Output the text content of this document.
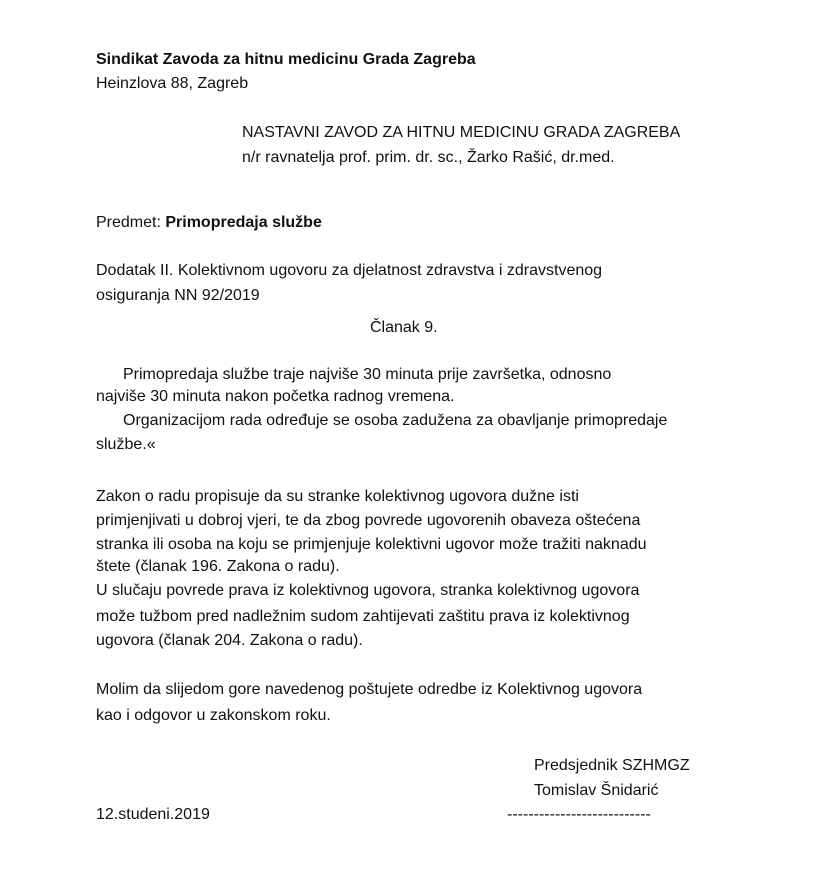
Sindikat Zavoda za hitnu medicinu Grada Zagreba
Heinzlova 88, Zagreb
NASTAVNI ZAVOD ZA HITNU MEDICINU GRADA ZAGREBA
n/r ravnatelja prof. prim. dr. sc., Žarko Rašić, dr.med.
Predmet: Primopredaja službe
Dodatak II. Kolektivnom ugovoru za djelatnost zdravstva i zdravstvenog
osiguranja NN 92/2019
Članak 9.
Primopredaja službe traje najviše 30 minuta prije završetka, odnosno
najviše 30 minuta nakon početka radnog vremena.
Organizacijom rada određuje se osoba zadužena za obavljanje primopredaje
službe.«
Zakon o radu propisuje da su stranke kolektivnog ugovora dužne isti
primjenjivati u dobroj vjeri, te da zbog povrede ugovorenih obaveza oštećena
stranka ili osoba na koju se primjenjuje kolektivni ugovor može tražiti naknadu
štete (članak 196. Zakona o radu).
U slučaju povrede prava iz kolektivnog ugovora, stranka kolektivnog ugovora
može tužbom pred nadležnim sudom zahtijevati zaštitu prava iz kolektivnog
ugovora (članak 204. Zakona o radu).
Molim da slijedom gore navedenog poštujete odredbe iz Kolektivnog ugovora
kao i odgovor u zakonskom roku.
Predsjednik SZHMGZ
Tomislav Šnidarić
12.studeni.2019	---------------------------
